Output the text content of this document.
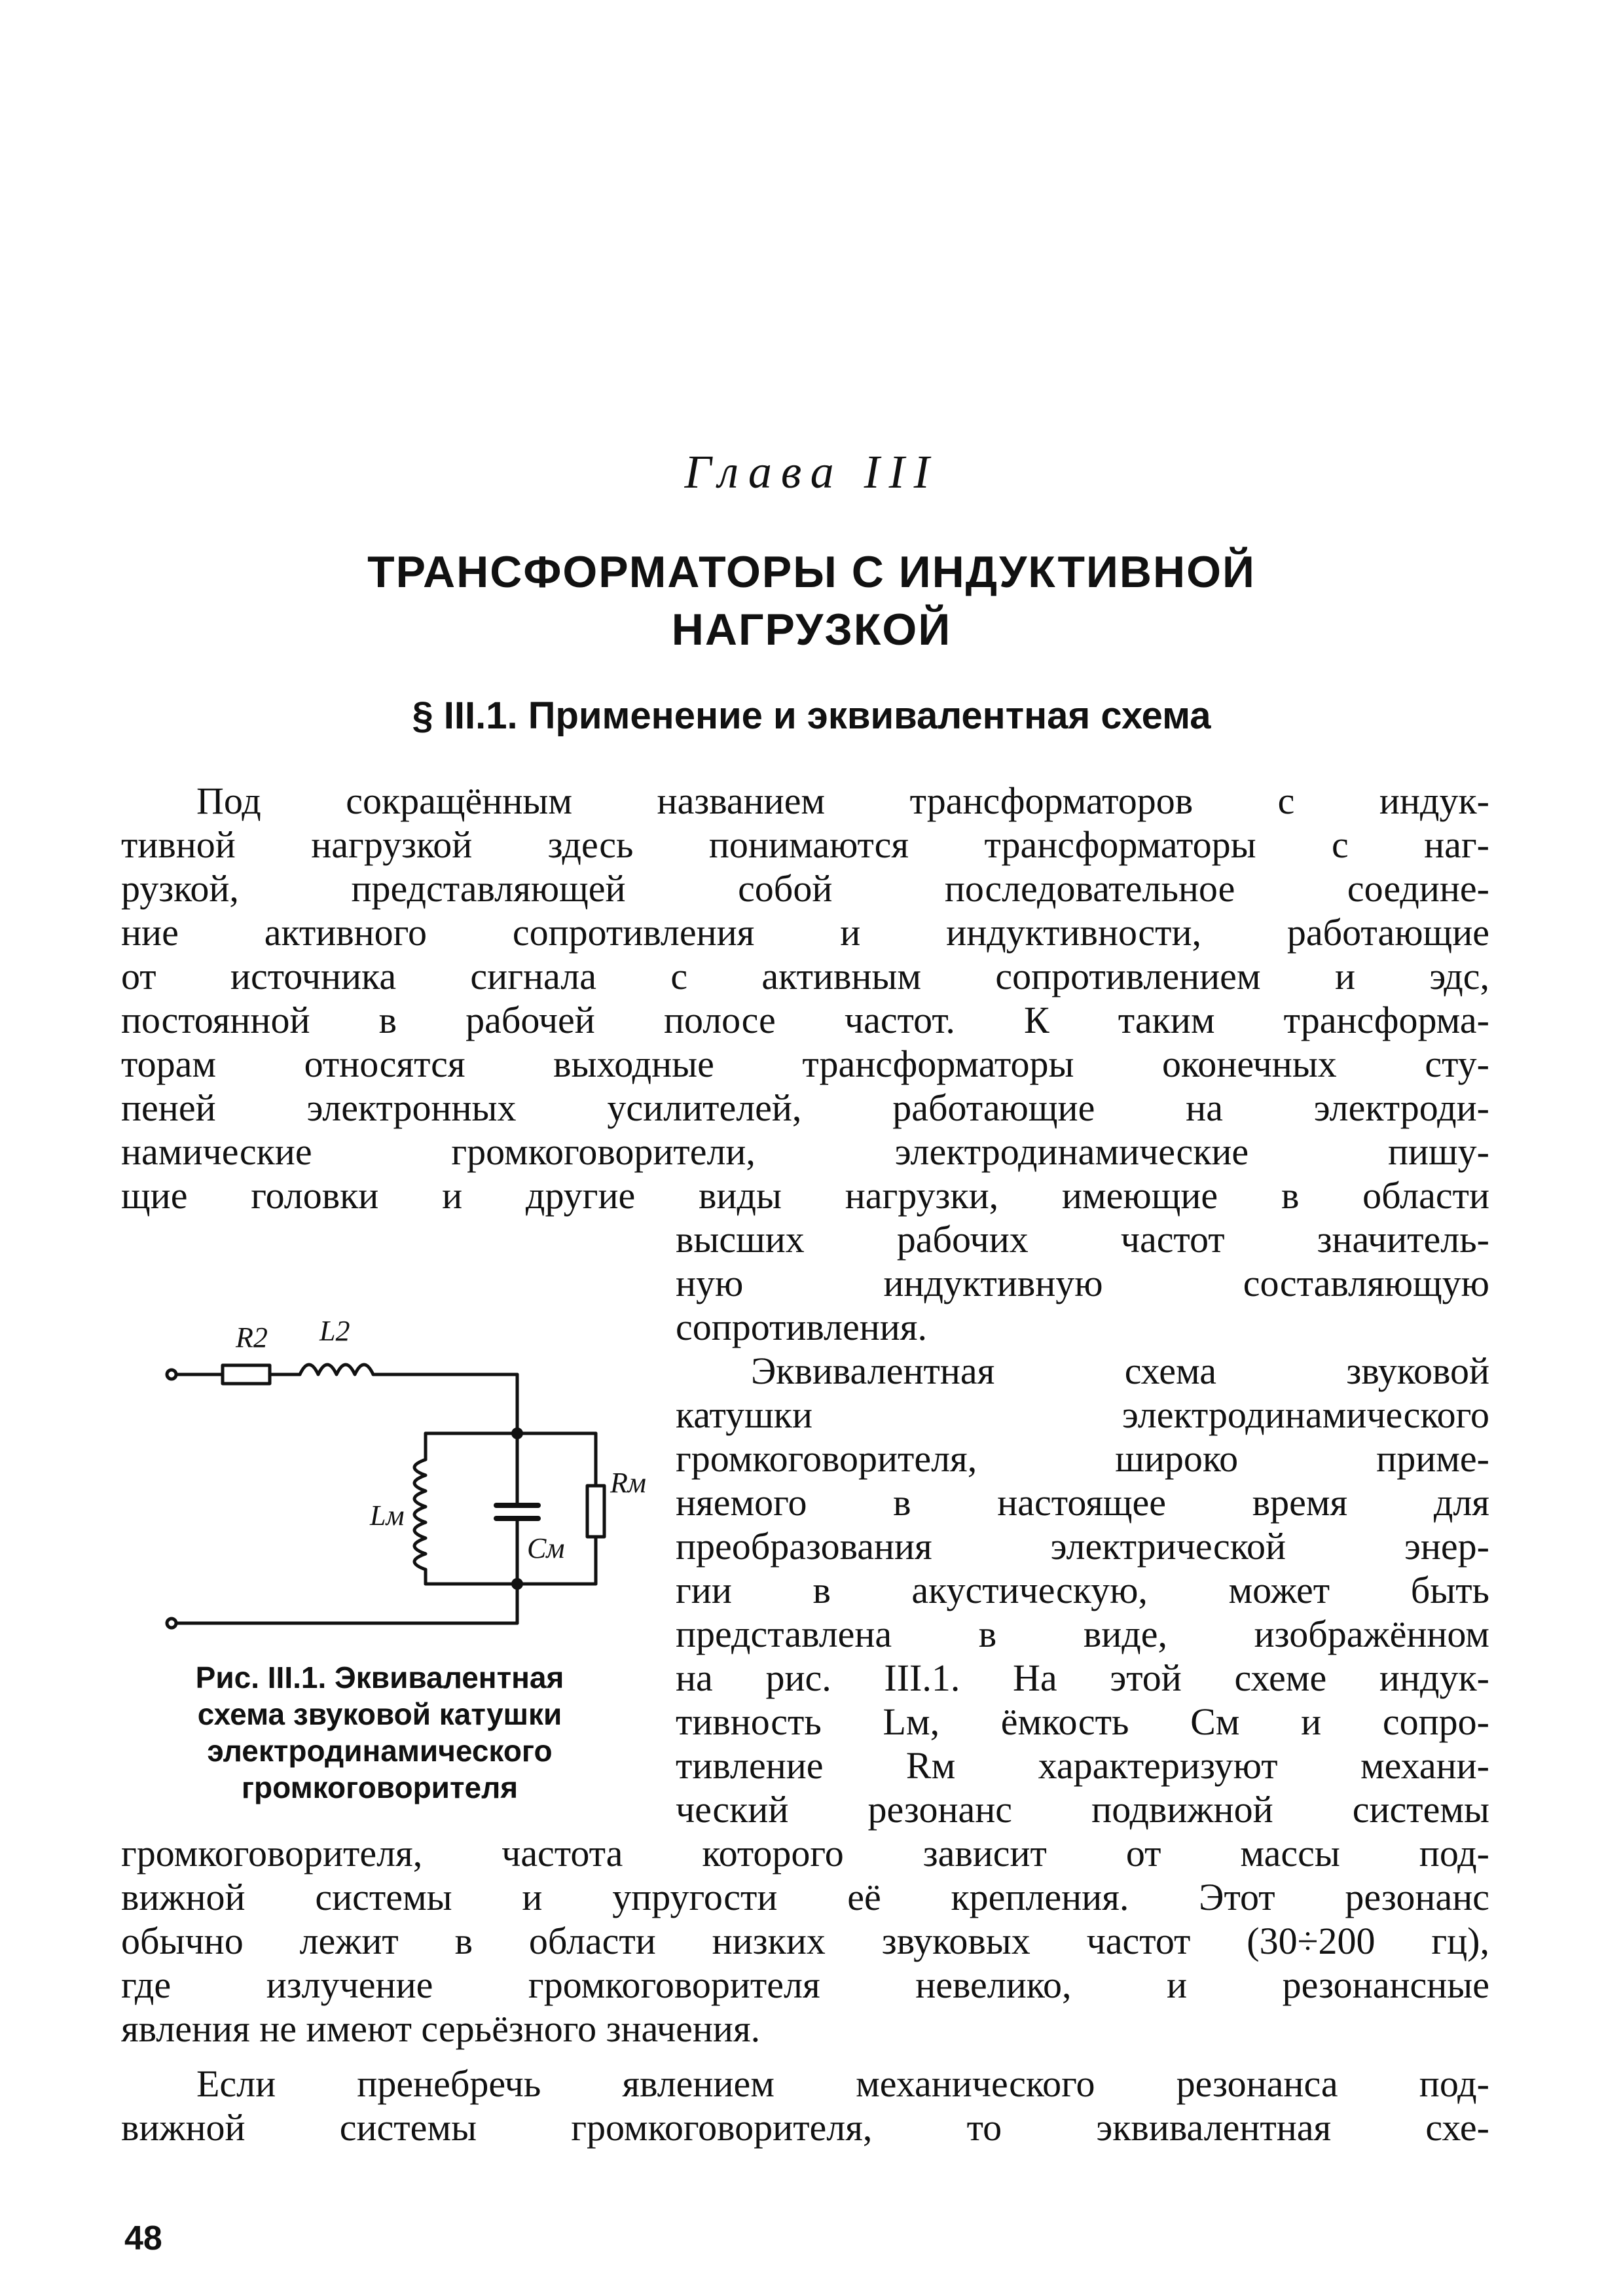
Глава III
ТРАНСФОРМАТОРЫ С ИНДУКТИВНОЙ
НАГРУЗКОЙ
§ III.1. Применение и эквивалентная схема
Под сокращённым названием трансформаторов с индук-
тивной нагрузкой здесь понимаются трансформаторы с наг-
рузкой, представляющей собой последовательное соедине-
ние активного сопротивления и индуктивности, работающие
от источника сигнала с активным сопротивлением и эдс,
постоянной в рабочей полосе частот. К таким трансформа-
торам относятся выходные трансформаторы оконечных сту-
пеней электронных усилителей, работающие на электроди-
намические громкоговорители, электродинамические пишу-
щие головки и другие виды нагрузки, имеющие в области
высших рабочих частот значитель-
ную индуктивную составляющую
сопротивления.
Эквивалентная схема звуковой
катушки электродинамического
громкоговорителя, широко приме-
няемого в настоящее время для
преобразования электрической энер-
гии в акустическую, может быть
представлена в виде, изображённом
на рис. III.1. На этой схеме индук-
тивность Lм, ёмкость Cм и сопро-
тивление Rм характеризуют механи-
ческий резонанс подвижной системы
громкоговорителя, частота которого зависит от массы под-
вижной системы и упругости её крепления. Этот резонанс
обычно лежит в области низких звуковых частот (30÷200 гц),
где излучение громкоговорителя невелико, и резонансные
явления не имеют серьёзного значения.
Если пренебречь явлением механического резонанса под-
вижной системы громкоговорителя, то эквивалентная схе-
R2 L2
Lм
Cм
Rм
Рис. III.1. Эквивалентная
схема звуковой катушки
электродинамического
громкоговорителя
48
